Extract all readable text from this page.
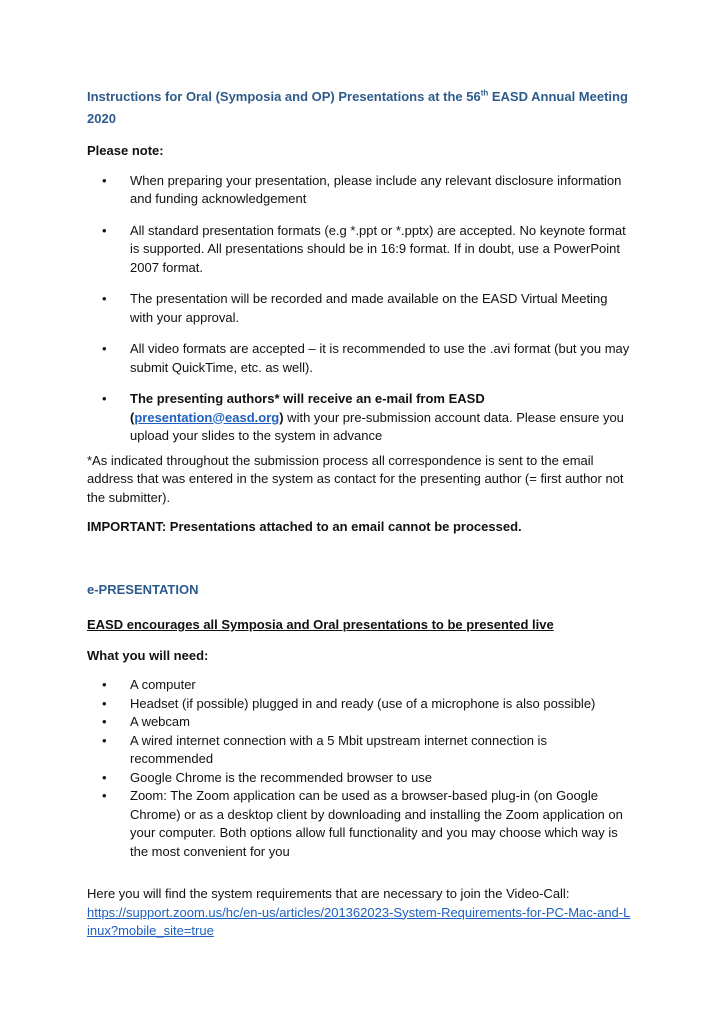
Instructions for Oral (Symposia and OP) Presentations at the 56th EASD Annual Meeting 2020
Please note:
• When preparing your presentation, please include any relevant disclosure information and funding acknowledgement
• All standard presentation formats (e.g *.ppt or *.pptx) are accepted. No keynote format is supported. All presentations should be in 16:9 format. If in doubt, use a PowerPoint 2007 format.
• The presentation will be recorded and made available on the EASD Virtual Meeting with your approval.
• All video formats are accepted – it is recommended to use the .avi format (but you may submit QuickTime, etc. as well).
• The presenting authors* will receive an e-mail from EASD (presentation@easd.org) with your pre-submission account data. Please ensure you upload your slides to the system in advance
*As indicated throughout the submission process all correspondence is sent to the email address that was entered in the system as contact for the presenting author (= first author not the submitter).
IMPORTANT: Presentations attached to an email cannot be processed.
e-PRESENTATION
EASD encourages all Symposia and Oral presentations to be presented live
What you will need:
• A computer
• Headset (if possible) plugged in and ready (use of a microphone is also possible)
• A webcam
• A wired internet connection with a 5 Mbit upstream internet connection is recommended
• Google Chrome is the recommended browser to use
• Zoom: The Zoom application can be used as a browser-based plug-in (on Google Chrome) or as a desktop client by downloading and installing the Zoom application on your computer. Both options allow full functionality and you may choose which way is the most convenient for you
Here you will find the system requirements that are necessary to join the Video-Call:
https://support.zoom.us/hc/en-us/articles/201362023-System-Requirements-for-PC-Mac-and-Linux?mobile_site=true
